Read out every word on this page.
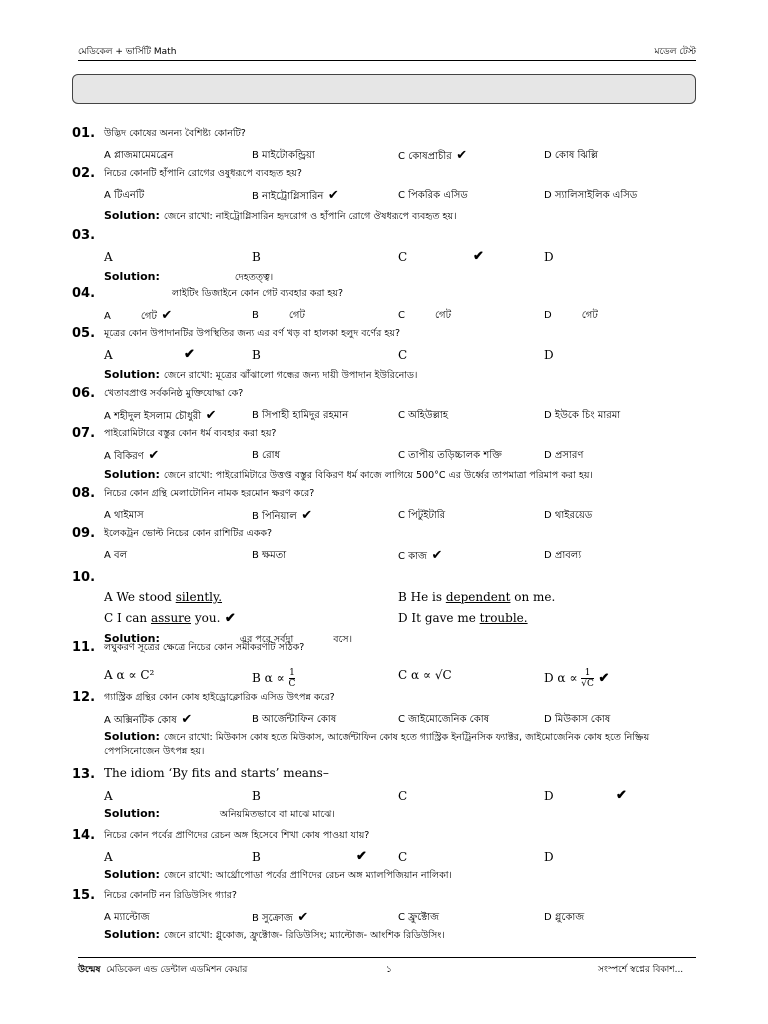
মেডিকেল + ভার্সিটি Math	মডেল টেস্ট
01. উদ্ভিদ কোষের অনন্য বৈশিষ্ট্য কোনটি?
A প্লাজমামেমব্রেন	B মাইটোকন্ড্রিয়া	C কোষপ্রাচীর ✔	D কোষ ঝিল্লি
02. নিচের কোনটি হাঁপানি রোগের ওষুধরূপে ব্যবহৃত হয়?
A টিএনটি	B নাইট্রোগ্লিসারিন ✔	C পিকরিক এসিড	D স্যালিসাইলিক এসিড
Solution: জেনে রাখো: নাইট্রোগ্লিসারিন হৃদরোগ ও হাঁপানি রোগে ঔষধরূপে ব্যবহৃত হয়।
03.
A	B	C	✔	D
Solution:	দেহতত্ত্ব।
04.	লাইটিং ডিজাইনে কোন গেট ব্যবহার করা হয়?
A	গেট ✔	B	গেট	C	গেট	D	গেট
05. মূত্রের কোন উপাদানটির উপস্থিতির জন্য এর বর্ণ খড় বা হালকা হলুদ বর্ণের হয়?
A	✔	B	C	D
Solution: জেনে রাখো: মূত্রের ঝাঁঝালো গন্ধের জন্য দায়ী উপাদান ইউরিনোড।
06. খেতাবপ্রাপ্ত সর্বকনিষ্ঠ মুক্তিযোদ্ধা কে?
A শহীদুল ইসলাম চৌধুরী ✔	B সিপাহী হামিদুর রহমান	C অহিউল্লাহ	D ইউকে চিং মারমা
07. পাইরোমিটারে বস্তুর কোন ধর্ম ব্যবহার করা হয়?
A বিকিরণ ✔	B রোধ	C তাপীয় তড়িচ্চালক শক্তি	D প্রসারণ
Solution: জেনে রাখো: পাইরোমিটারে উত্তপ্ত বস্তুর বিকিরণ ধর্ম কাজে লাগিয়ে 500°C এর উর্ধ্বের তাপমাত্রা পরিমাপ করা হয়।
08. নিচের কোন গ্রন্থি মেলাটোনিন নামক হরমোন ক্ষরণ করে?
A থাইমাস	B পিনিয়াল ✔	C পিটুইটারি	D থাইরয়েড
09. ইলেকট্রন ভোল্ট নিচের কোন রাশিটির একক?
A বল	B ক্ষমতা	C কাজ ✔	D প্রাবল্য
10.
A We stood silently.	B He is dependent on me.
C I can assure you. ✔	D It gave me trouble.
Solution:	এর পরে সর্বদা	বসে।
11. লঘুকরণ সূত্রের ক্ষেত্রে নিচের কোন সমীকরণটি সঠিক?
A α ∝ C²	B $\alpha \propto \frac{1}{C}$	C α ∝ √C	D $\alpha \propto \frac{1}{√C}$ ✔
12. গ্যাস্ট্রিক গ্রন্থির কোন কোষ হাইড্রোক্লোরিক এসিড উৎপন্ন করে?
A অক্সিনটিক কোষ ✔	B আর্জেন্টাফিন কোষ	C জাইমোজেনিক কোষ	D মিউকাস কোষ
Solution: জেনে রাখো: মিউকাস কোষ হতে মিউকাস, আর্জেন্টাফিন কোষ হতে গ্যাস্ট্রিক ইনট্রিনসিক ফ্যাক্টর, জাইমোজেনিক কোষ হতে নিষ্ক্রিয়
পেপসিনোজেন উৎপন্ন হয়।
13. The idiom ‘By fits and starts’ means–
A	B	C	D	✔
Solution:	অনিয়মিতভাবে বা মাঝে মাঝে।
14. নিচের কোন পর্বের প্রাণিদের রেচন অঙ্গ হিসেবে শিখা কোষ পাওয়া যায়?
A	B	✔	C	D
Solution: জেনে রাখো: আর্থ্রোপোডা পর্বের প্রাণিদের রেচন অঙ্গ ম্যালপিজিয়ান নালিকা।
15. নিচের কোনটি নন রিডিউসিং গ্যার?
A ম্যাল্টোজ	B সুক্রোজ ✔	C ফ্রুক্টোজ	D গ্লুকোজ
Solution: জেনে রাখো: গ্লুকোজ, ফ্রুক্টোজ- রিডিউসিং; ম্যাল্টোজ- আংশিক রিডিউসিং।
উন্মেষ মেডিকেল এন্ড ডেন্টাল এডমিশন কেয়ার	১	সংস্পর্শে স্বপ্নের বিকাশ...
